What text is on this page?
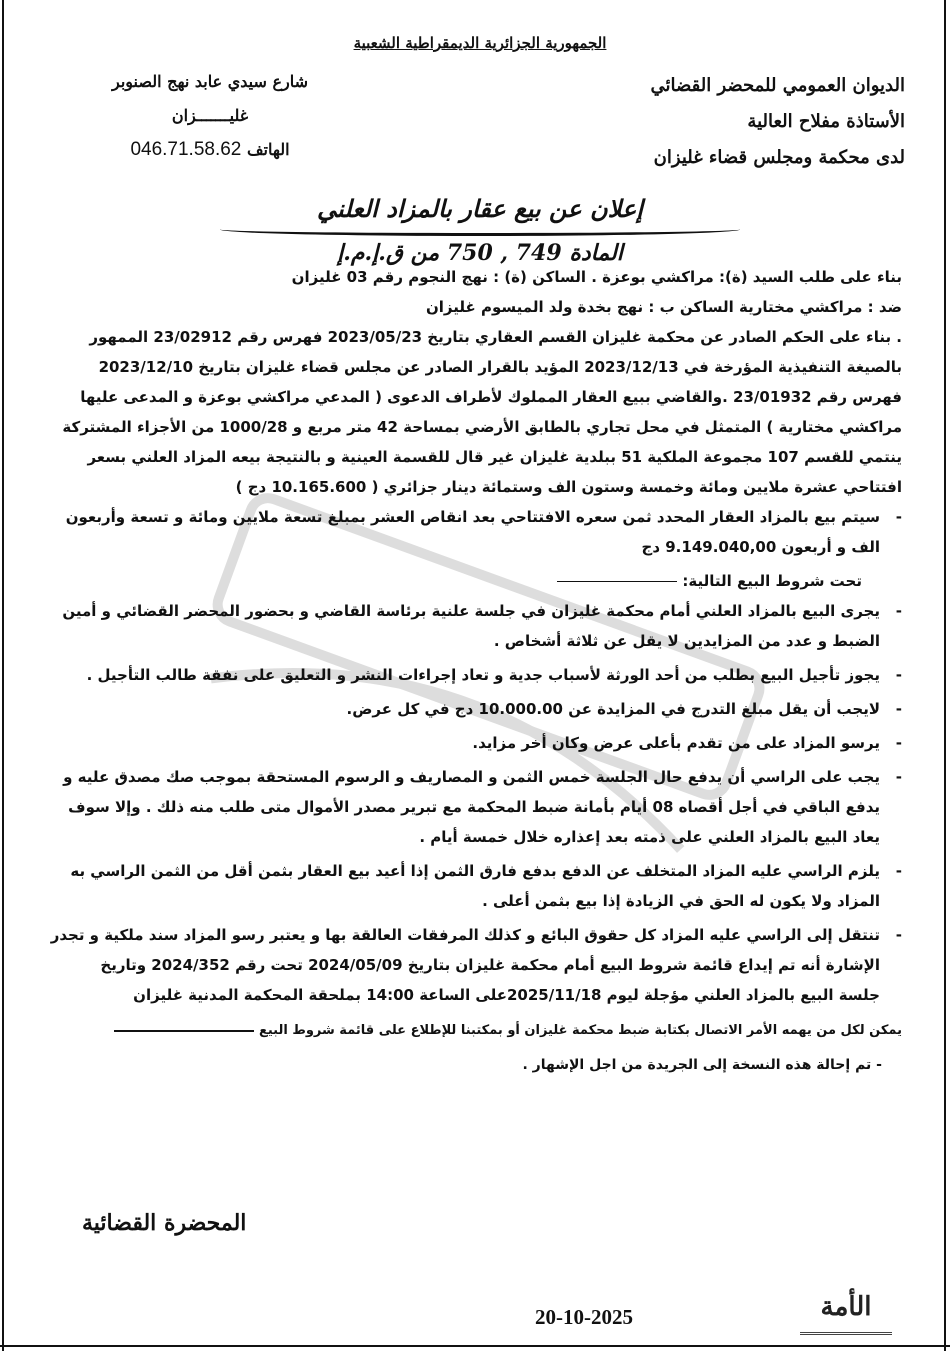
الجمهورية الجزائرية الديمقراطية الشعبية
الديوان العمومي للمحضر القضائي
الأستاذة مفلاح العالية
لدى محكمة ومجلس قضاء غليزان
شارع سيدي عابد نهج الصنوبر
غليـــــــزان
046.71.58.62 الهاتف
إعلان عن بيع عقار بالمزاد العلني
المادة 749 , 750 من ق.إ.م.إ

بناء على طلب السيد (ة): مراكشي بوعزة . الساكن (ة) : نهج النجوم رقم 03 غليزان

ضد : مراكشي مختارية الساكن ب : نهج بخدة ولد الميسوم غليزان

. بناء على الحكم الصادر عن محكمة غليزان القسم العقاري بتاريخ 2023/05/23 فهرس رقم 23/02912 الممهور

بالصيغة التنفيذية المؤرخة في 2023/12/13 المؤيد بالقرار الصادر عن مجلس قضاء غليزان بتاريخ 2023/12/10

فهرس رقم 23/01932 .والقاضي ببيع العقار المملوك لأطراف الدعوى ( المدعي مراكشي بوعزة و المدعى عليها

مراكشي مختارية ) المتمثل في محل تجاري بالطابق الأرضي بمساحة 42 متر مربع و 1000/28 من الأجزاء المشتركة

ينتمي للقسم 107 مجموعة الملكية 51 ببلدية غليزان غير قال للقسمة العينية و بالنتيجة بيعه المزاد العلني بسعر

افتتاحي عشرة ملايين ومائة وخمسة وستون الف وستمائة دينار جزائري ( 10.165.600 دج )

-

سيتم بيع بالمزاد العقار المحدد ثمن سعره الافتتاحي بعد انقاص العشر بمبلغ تسعة ملايين ومائة و تسعة وأربعون

الف و أربعون 9.149.040,00 دج

تحت شروط البيع التالية:
-

يجرى البيع بالمزاد العلني أمام محكمة غليزان في جلسة علنية برئاسة القاضي و بحضور المحضر القضائي و أمين

الضبط و عدد من المزايدين لا يقل عن ثلاثة أشخاص .

-

يجوز تأجيل البيع بطلب من أحد الورثة لأسباب جدية و تعاد إجراءات النشر و التعليق على نفقة طالب التأجيل .

-

لايجب أن يقل مبلغ التدرج في المزايدة عن 10.000.00 دج في كل عرض.

-

يرسو المزاد على من تقدم بأعلى عرض وكان أخر مزايد.

-

يجب على الراسي أن يدفع حال الجلسة خمس الثمن و المصاريف و الرسوم المستحقة بموجب صك مصدق عليه و

يدفع الباقي في أجل أقصاه 08 أيام بأمانة ضبط المحكمة مع تبرير مصدر الأموال متى طلب منه ذلك . وإلا سوف

يعاد البيع بالمزاد العلني على ذمته بعد إعذاره خلال خمسة أيام .

-

يلزم الراسي عليه المزاد المتخلف عن الدفع بدفع فارق الثمن إذا أعيد بيع العقار بثمن أقل من الثمن الراسي به

المزاد ولا يكون له الحق في الزيادة إذا بيع بثمن أعلى .

-

تنتقل إلى الراسي عليه المزاد كل حقوق البائع و كذلك المرفقات العالقة بها و يعتبر رسو المزاد سند ملكية و تجدر

الإشارة أنه تم إيداع قائمة شروط البيع أمام محكمة غليزان بتاريخ 2024/05/09 تحت رقم 2024/352 وتاريخ

جلسة البيع بالمزاد العلني مؤجلة ليوم 2025/11/18على الساعة 14:00 بملحقة المحكمة المدنية غليزان

يمكن لكل من يهمه الأمر الاتصال بكتابة ضبط محكمة غليزان أو بمكتبنا للإطلاع على قائمة شروط البيع

- تم إحالة هذه النسخة إلى الجريدة من اجل الإشهار .

المحضرة القضائية
20-10-2025	الأمة
